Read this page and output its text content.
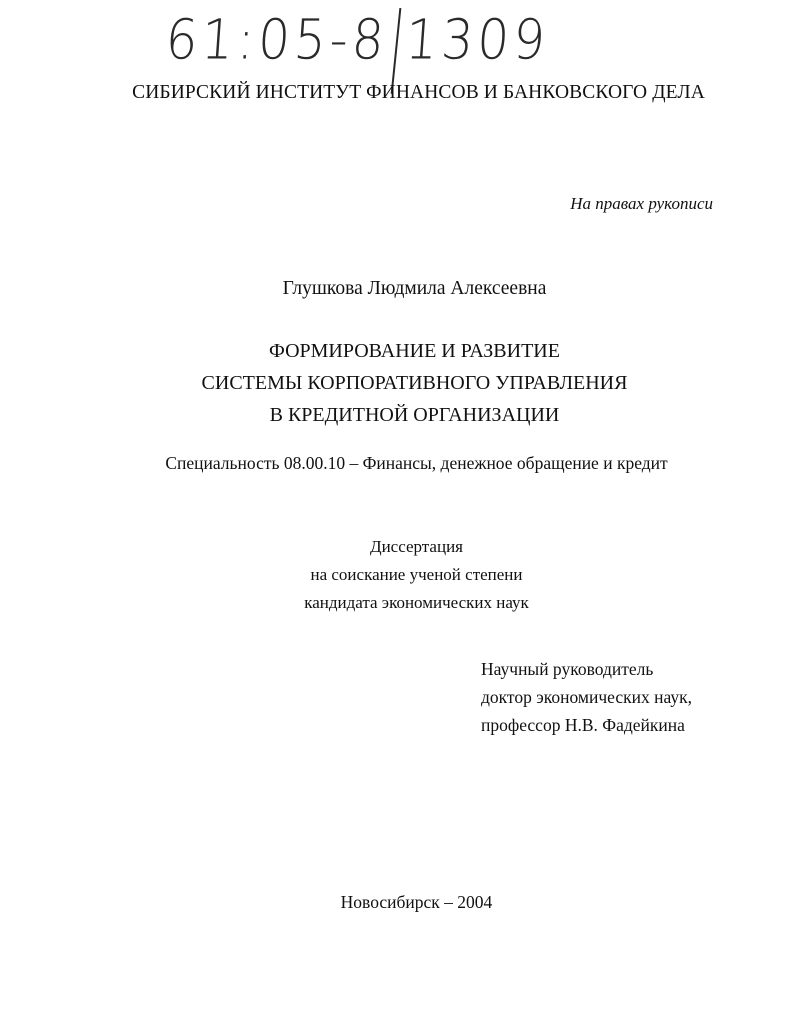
61:05-8 1309
СИБИРСКИЙ ИНСТИТУТ ФИНАНСОВ И БАНКОВСКОГО ДЕЛА
На правах рукописи
Глушкова Людмила Алексеевна
ФОРМИРОВАНИЕ И РАЗВИТИЕ
СИСТЕМЫ КОРПОРАТИВНОГО УПРАВЛЕНИЯ
В КРЕДИТНОЙ ОРГАНИЗАЦИИ
Специальность 08.00.10 – Финансы, денежное обращение и кредит
Диссертация
на соискание ученой степени
кандидата экономических наук
Научный руководитель
доктор экономических наук,
профессор Н.В. Фадейкина
Новосибирск – 2004
